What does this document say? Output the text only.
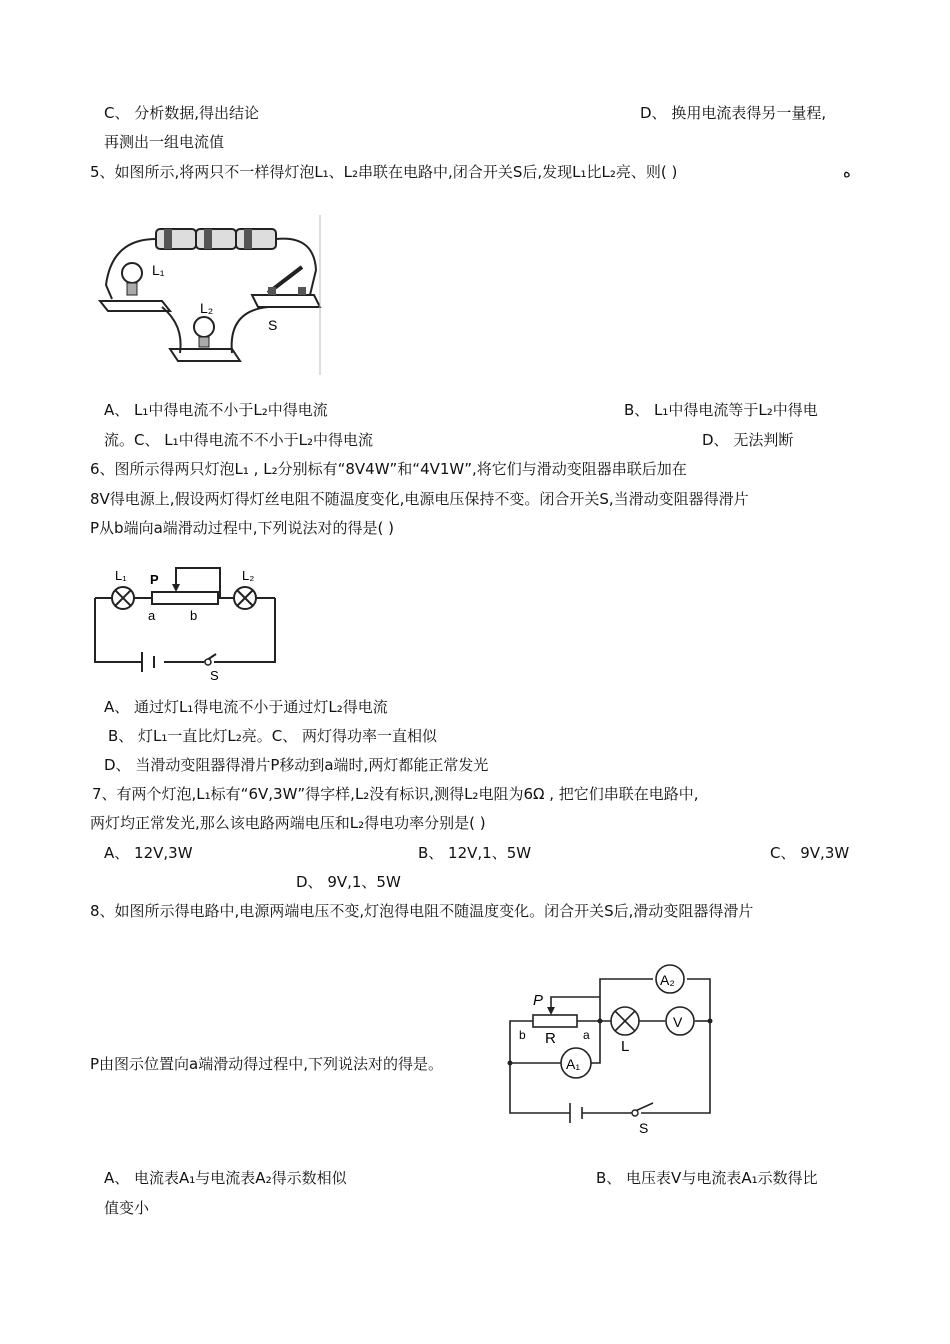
C、 分析数据,得出结论	D、 换用电流表得另一量程,
再测出一组电流值
5、如图所示,将两只不一样得灯泡L₁、L₂串联在电路中,闭合开关S后,发现L₁比L₂亮、则( )	ه
L₁
L₂
S
A、 L₁中得电流不小于L₂中得电流	B、 L₁中得电流等于L₂中得电
流。C、 L₁中得电流不不小于L₂中得电流	D、 无法判断
6、图所示得两只灯泡L₁ , L₂分别标有“8V4W”和“4V1W”,将它们与滑动变阻器串联后加在
8V得电源上,假设两灯得灯丝电阻不随温度变化,电源电压保持不变。闭合开关S,当滑动变阻器得滑片
P从b端向a端滑动过程中,下列说法对的得是( )
L₁ P	L₂
a	b
S
A、 通过灯L₁得电流不小于通过灯L₂得电流
B、 灯L₁一直比灯L₂亮。C、 两灯得功率一直相似
D、 当滑动变阻器得滑片P移动到a端时,两灯都能正常发光
7、有两个灯泡,L₁标有“6V,3W”得字样,L₂没有标识,测得L₂电阻为6Ω , 把它们串联在电路中,
两灯均正常发光,那么该电路两端电压和L₂得电功率分别是( )
A、 12V,3W	B、 12V,1、5W	C、 9V,3W
D、 9V,1、5W
8、如图所示得电路中,电源两端电压不变,灯泡得电阻不随温度变化。闭合开关S后,滑动变阻器得滑片
P由图示位置向a端滑动得过程中,下列说法对的得是。
A₂
V
A₁
P
b R a
L
S
A、 电流表A₁与电流表A₂得示数相似	B、 电压表V与电流表A₁示数得比
值变小
